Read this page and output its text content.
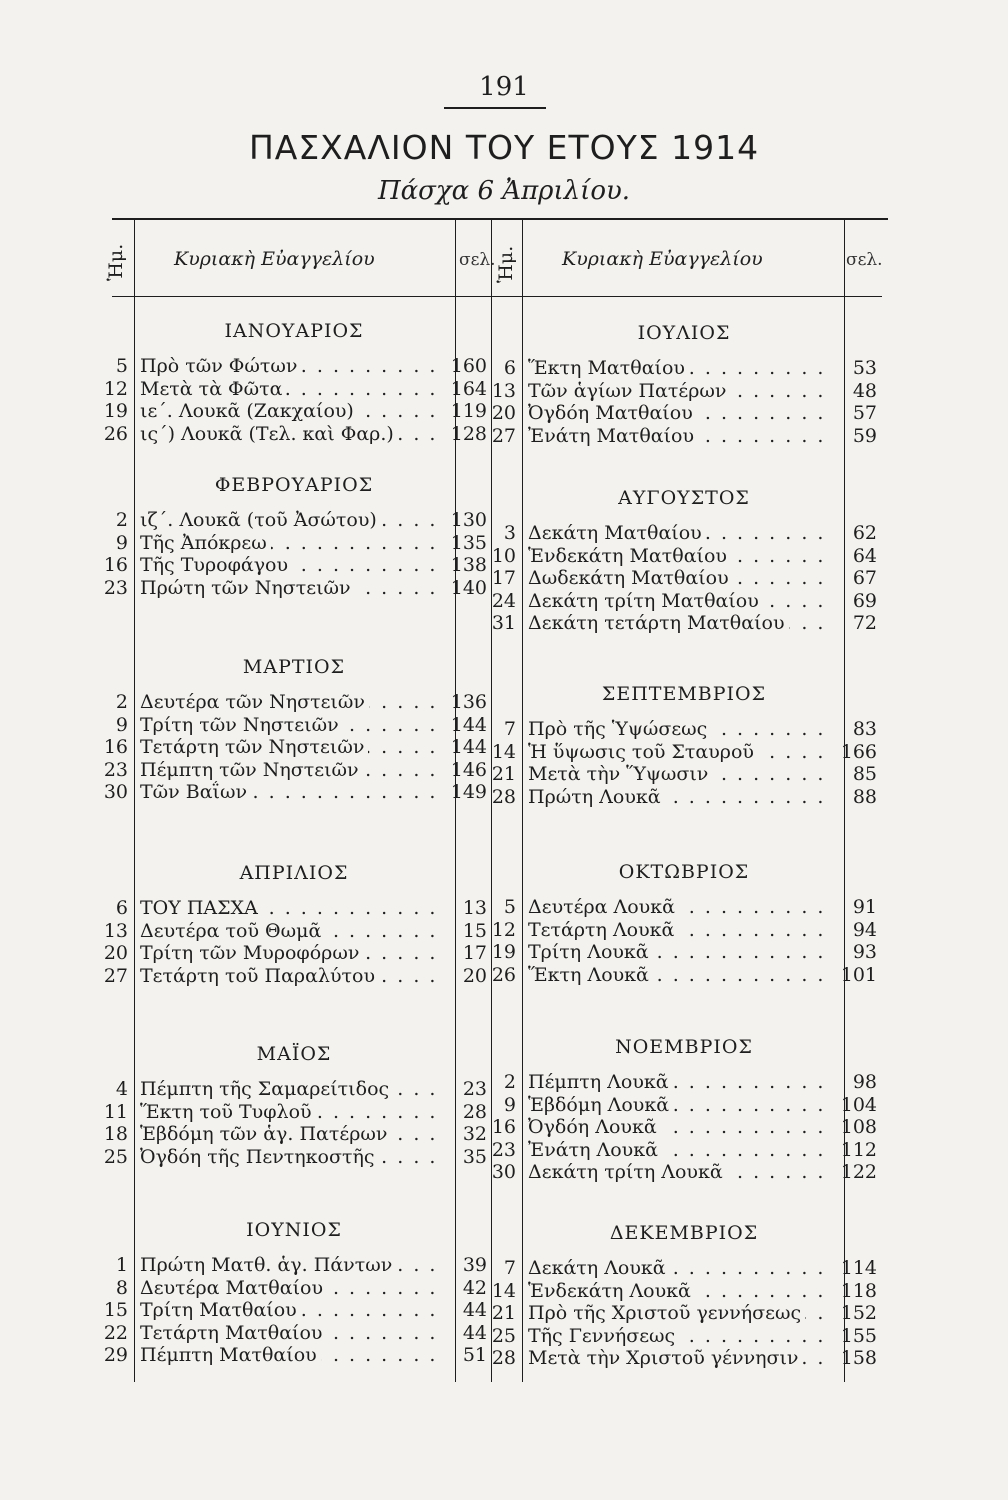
191
ΠΑΣΧΑΛΙΟΝ ΤΟΥ ΕΤΟΥΣ 1914
Πάσχα 6 Ἀπριλίου.
Ἡμ. Κυριακὴ Εὐαγγελίου	σελ. Ἡμ. Κυριακὴ Εὐαγγελίου	σελ.
ΙΑΝΟΥΑΡΙΟΣ
5 Πρὸ τῶν Φώτων . . .	160
12 Μετὰ τὰ Φῶτα . . .	164
19 ιε΄. Λουκᾶ (Ζακχαίου) . . .	119
26 ις΄) Λουκᾶ (Τελ. καὶ Φαρ.) . . .	128
ΦΕΒΡΟΥΑΡΙΟΣ
2 ιζ΄. Λουκᾶ (τοῦ Ἀσώτου) . . .	130
9 Τῆς Ἀπόκρεω . . .	135
16 Τῆς Τυροφάγου . . .	138
23 Πρώτη τῶν Νηστειῶν . . .	140
ΜΑΡΤΙΟΣ
2 Δευτέρα τῶν Νηστειῶν . . .	136
9 Τρίτη τῶν Νηστειῶν . . .	144
16 Τετάρτη τῶν Νηστειῶν . . .	144
23 Πέμπτη τῶν Νηστειῶν . . .	146
30 Τῶν Βαΐων . . .	149
ΑΠΡΙΛΙΟΣ
6 ΤΟΥ ΠΑΣΧΑ . . .	13
13 Δευτέρα τοῦ Θωμᾶ . . .	15
20 Τρίτη τῶν Μυροφόρων . . .	17
27 Τετάρτη τοῦ Παραλύτου . . .	20
ΜΑΪΟΣ
4 Πέμπτη τῆς Σαμαρείτιδος . . .	23
11 Ἕκτη τοῦ Τυφλοῦ . . .	28
18 Ἑβδόμη τῶν ἁγ. Πατέρων . . .	32
25 Ὀγδόη τῆς Πεντηκοστῆς . . .	35
ΙΟΥΝΙΟΣ
1 Πρώτη Ματθ. ἁγ. Πάντων . . .	39
8 Δευτέρα Ματθαίου . . .	42
15 Τρίτη Ματθαίου . . .	44
22 Τετάρτη Ματθαίου . . .	44
29 Πέμπτη Ματθαίου . . .	51
ΙΟΥΛΙΟΣ
6 Ἕκτη Ματθαίου . . .	53
13 Τῶν ἁγίων Πατέρων . . .	48
20 Ὀγδόη Ματθαίου . . .	57
27 Ἐνάτη Ματθαίου . . .	59
ΑΥΓΟΥΣΤΟΣ
3 Δεκάτη Ματθαίου . . .	62
10 Ἑνδεκάτη Ματθαίου . . .	64
17 Δωδεκάτη Ματθαίου . . .	67
24 Δεκάτη τρίτη Ματθαίου . . .	69
31 Δεκάτη τετάρτη Ματθαίου . . .	72
ΣΕΠΤΕΜΒΡΙΟΣ
7 Πρὸ τῆς Ὑψώσεως . . .	83
14 Ἡ ὕψωσις τοῦ Σταυροῦ . . .	166
21 Μετὰ τὴν Ὕψωσιν . . .	85
28 Πρώτη Λουκᾶ . . .	88
ΟΚΤΩΒΡΙΟΣ
5 Δευτέρα Λουκᾶ . . .	91
12 Τετάρτη Λουκᾶ . . .	94
19 Τρίτη Λουκᾶ . . .	93
26 Ἕκτη Λουκᾶ . . .	101
ΝΟΕΜΒΡΙΟΣ
2 Πέμπτη Λουκᾶ . . .	98
9 Ἑβδόμη Λουκᾶ . . .	104
16 Ὀγδόη Λουκᾶ . . .	108
23 Ἐνάτη Λουκᾶ . . .	112
30 Δεκάτη τρίτη Λουκᾶ . . .	122
ΔΕΚΕΜΒΡΙΟΣ
7 Δεκάτη Λουκᾶ . . .	114
14 Ἑνδεκάτη Λουκᾶ . . .	118
21 Πρὸ τῆς Χριστοῦ γεννήσεως . . .	152
25 Τῆς Γεννήσεως . . .	155
28 Μετὰ τὴν Χριστοῦ γέννησιν . . .	158
